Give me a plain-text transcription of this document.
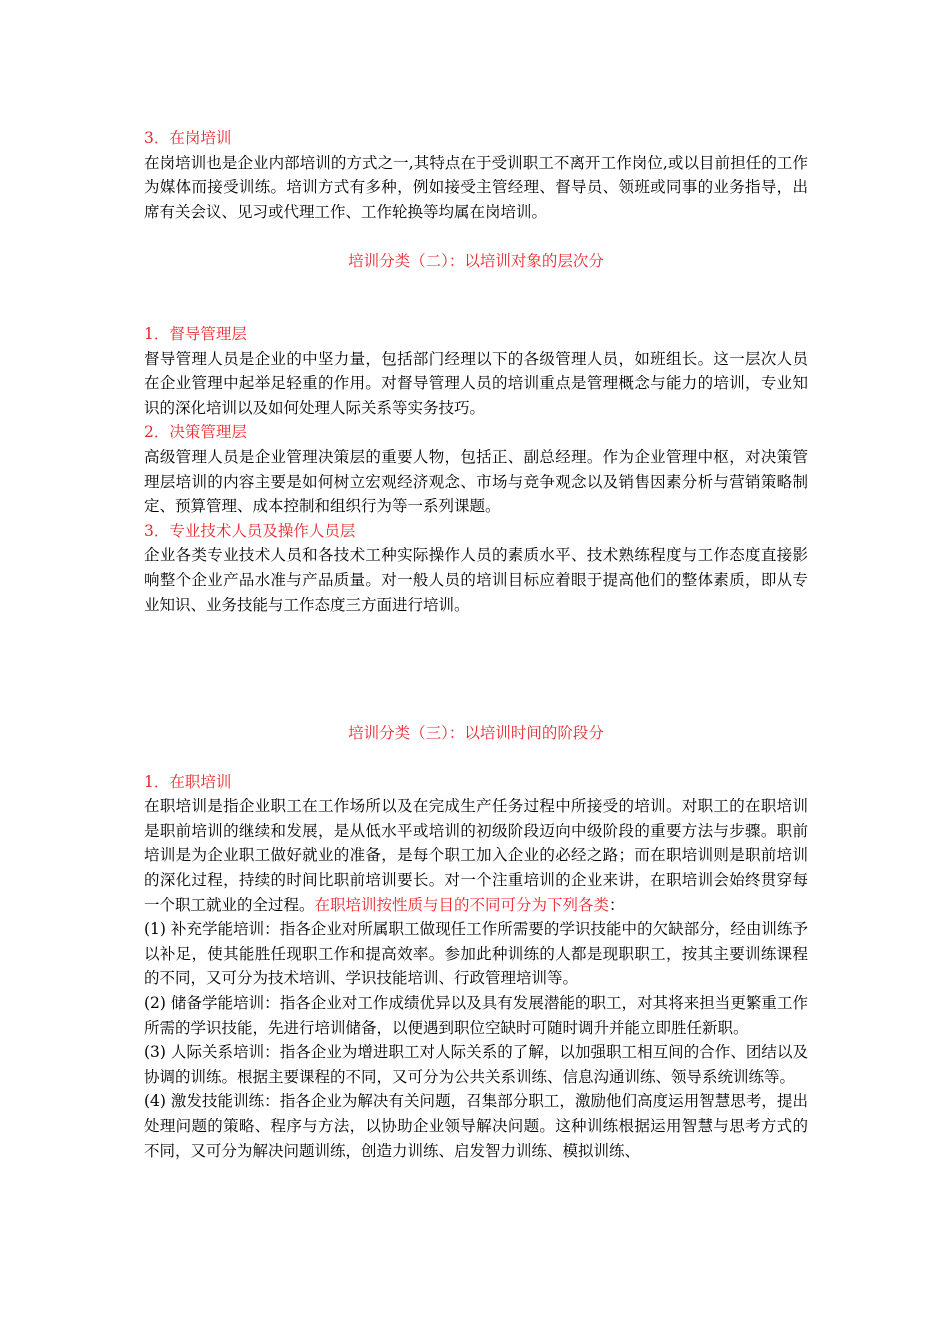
3．在岗培训

在岗培训也是企业内部培训的方式之一,其特点在于受训职工不离开工作岗位,或以目前担任的工作为媒体而接受训练。培训方式有多种，例如接受主管经理、督导员、领班或同事的业务指导，出席有关会议、见习或代理工作、工作轮换等均属在岗培训。

培训分类（二）：以培训对象的层次分

1．督导管理层

督导管理人员是企业的中坚力量，包括部门经理以下的各级管理人员，如班组长。这一层次人员在企业管理中起举足轻重的作用。对督导管理人员的培训重点是管理概念与能力的培训，专业知识的深化培训以及如何处理人际关系等实务技巧。

2．决策管理层

高级管理人员是企业管理决策层的重要人物，包括正、副总经理。作为企业管理中枢，对决策管理层培训的内容主要是如何树立宏观经济观念、市场与竞争观念以及销售因素分析与营销策略制定、预算管理、成本控制和组织行为等一系列课题。

3．专业技术人员及操作人员层

企业各类专业技术人员和各技术工种实际操作人员的素质水平、技术熟练程度与工作态度直接影响整个企业产品水准与产品质量。对一般人员的培训目标应着眼于提高他们的整体素质，即从专业知识、业务技能与工作态度三方面进行培训。

培训分类（三）：以培训时间的阶段分

1．在职培训

在职培训是指企业职工在工作场所以及在完成生产任务过程中所接受的培训。对职工的在职培训是职前培训的继续和发展，是从低水平或培训的初级阶段迈向中级阶段的重要方法与步骤。职前培训是为企业职工做好就业的准备，是每个职工加入企业的必经之路；而在职培训则是职前培训的深化过程，持续的时间比职前培训要长。对一个注重培训的企业来讲，在职培训会始终贯穿每一个职工就业的全过程。在职培训按性质与目的不同可分为下列各类：

(1) 补充学能培训：指各企业对所属职工做现任工作所需要的学识技能中的欠缺部分，经由训练予以补足，使其能胜任现职工作和提高效率。参加此种训练的人都是现职职工，按其主要训练课程的不同，又可分为技术培训、学识技能培训、行政管理培训等。

(2) 储备学能培训：指各企业对工作成绩优异以及具有发展潜能的职工，对其将来担当更繁重工作所需的学识技能，先进行培训储备，以便遇到职位空缺时可随时调升并能立即胜任新职。

(3) 人际关系培训：指各企业为增进职工对人际关系的了解，以加强职工相互间的合作、团结以及协调的训练。根据主要课程的不同，又可分为公共关系训练、信息沟通训练、领导系统训练等。

(4) 激发技能训练：指各企业为解决有关问题，召集部分职工，激励他们高度运用智慧思考，提出处理问题的策略、程序与方法，以协助企业领导解决问题。这种训练根据运用智慧与思考方式的不同，又可分为解决问题训练，创造力训练、启发智力训练、模拟训练、
